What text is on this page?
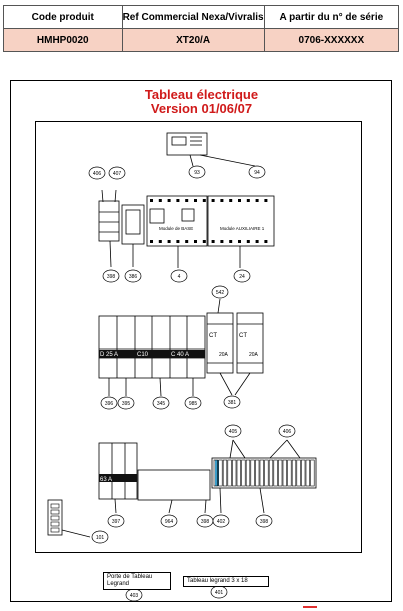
Code produit	Ref Commercial Nexa/Vivralis	A partir du n° de série
HMHP0020	XT20/A	0706-XXXXXX
Tableau électrique
Version 01/06/07
93	94
406 407
398	386	4	24
542
396 395	345	985	381
405	406
397	964	398 402	398
101
403	401
Module de BASE	Module AUXILIAIRE 1
D 25 A	C10	C 40 A
CT	CT
20A	20A
63 A
Porte de Tableau Legrand	Tableau legrand 3 x 18
